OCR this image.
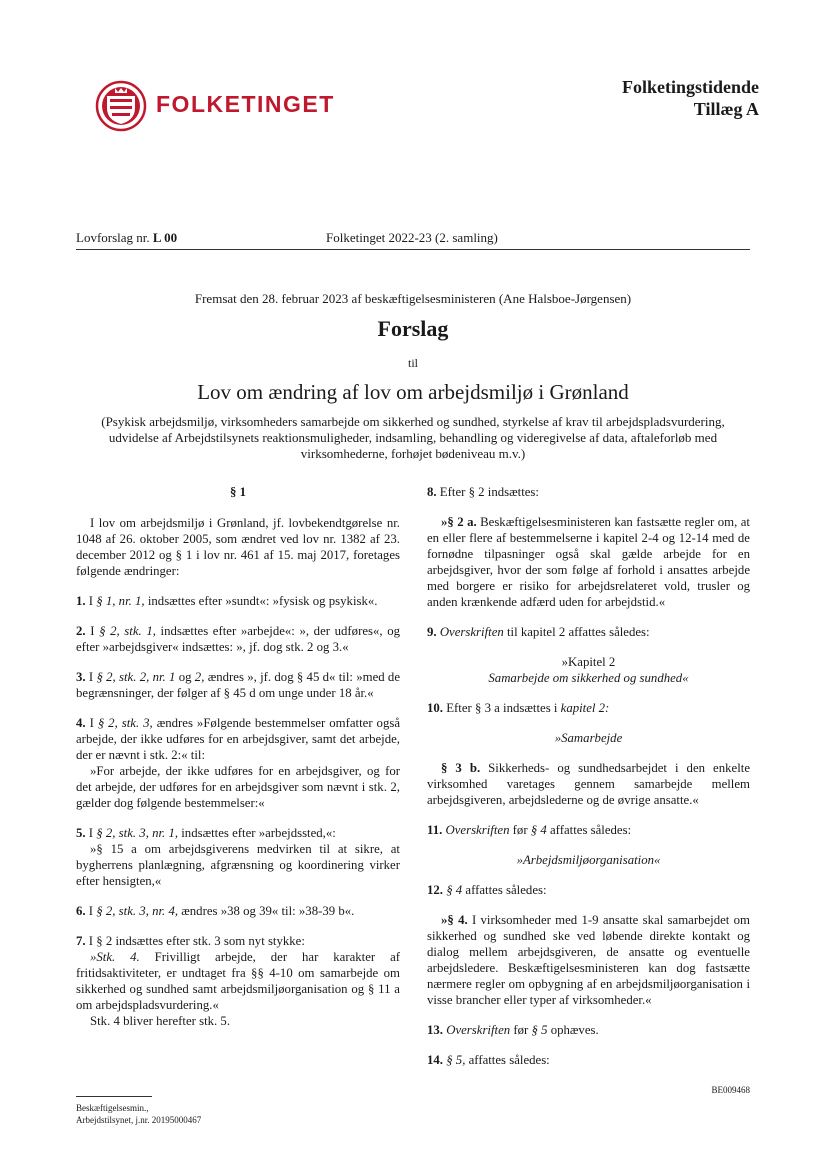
FOLKETINGET
Folketingstidende
Tillæg A
Lovforslag nr. L 00	Folketinget 2022-23 (2. samling)
Fremsat den 28. februar 2023 af beskæftigelsesministeren (Ane Halsboe-Jørgensen)
Forslag
til
Lov om ændring af lov om arbejdsmiljø i Grønland
(Psykisk arbejdsmiljø, virksomheders samarbejde om sikkerhed og sundhed, styrkelse af krav til arbejdspladsvurdering, udvidelse af Arbejdstilsynets reaktionsmuligheder, indsamling, behandling og videregivelse af data, aftaleforløb med virksomhederne, forhøjet bødeniveau m.v.)

§ 1

I lov om arbejdsmiljø i Grønland, jf. lovbekendtgørelse nr. 1048 af 26. oktober 2005, som ændret ved lov nr. 1382 af 23. december 2012 og § 1 i lov nr. 461 af 15. maj 2017, foretages følgende ændringer:

1. I § 1, nr. 1, indsættes efter »sundt«: »fysisk og psykisk«.

2. I § 2, stk. 1, indsættes efter »arbejde«: », der udføres«, og efter »arbejdsgiver« indsættes: », jf. dog stk. 2 og 3.«

3. I § 2, stk. 2, nr. 1 og 2, ændres », jf. dog § 45 d« til: »med de begrænsninger, der følger af § 45 d om unge under 18 år.«

4. I § 2, stk. 3, ændres »Følgende bestemmelser omfatter også arbejde, der ikke udføres for en arbejdsgiver, samt det arbejde, der er nævnt i stk. 2:« til:

»For arbejde, der ikke udføres for en arbejdsgiver, og for det arbejde, der udføres for en arbejdsgiver som nævnt i stk. 2, gælder dog følgende bestemmelser:«

5. I § 2, stk. 3, nr. 1, indsættes efter »arbejdssted,«:

»§ 15 a om arbejdsgiverens medvirken til at sikre, at bygherrens planlægning, afgrænsning og koordinering virker efter hensigten,«

6. I § 2, stk. 3, nr. 4, ændres »38 og 39« til: »38-39 b«.

7. I § 2 indsættes efter stk. 3 som nyt stykke:

»Stk. 4. Frivilligt arbejde, der har karakter af fritidsaktiviteter, er undtaget fra §§ 4-10 om samarbejde om sikkerhed og sundhed samt arbejdsmiljøorganisation og § 11 a om arbejdspladsvurdering.«

Stk. 4 bliver herefter stk. 5.

8. Efter § 2 indsættes:

»§ 2 a. Beskæftigelsesministeren kan fastsætte regler om, at en eller flere af bestemmelserne i kapitel 2-4 og 12-14 med de fornødne tilpasninger også skal gælde arbejde for en arbejdsgiver, hvor der som følge af forhold i ansattes arbejde med borgere er risiko for arbejdsrelateret vold, trusler og anden krænkende adfærd uden for arbejdstid.«

9. Overskriften til kapitel 2 affattes således:

»Kapitel 2

Samarbejde om sikkerhed og sundhed«

10. Efter § 3 a indsættes i kapitel 2:

»Samarbejde

§ 3 b. Sikkerheds- og sundhedsarbejdet i den enkelte virksomhed varetages gennem samarbejde mellem arbejdsgiveren, arbejdslederne og de øvrige ansatte.«

11. Overskriften før § 4 affattes således:

»Arbejdsmiljøorganisation«

12. § 4 affattes således:

»§ 4. I virksomheder med 1-9 ansatte skal samarbejdet om sikkerhed og sundhed ske ved løbende direkte kontakt og dialog mellem arbejdsgiveren, de ansatte og eventuelle arbejdsledere. Beskæftigelsesministeren kan dog fastsætte nærmere regler om opbygning af en arbejdsmiljøorganisation i visse brancher eller typer af virksomheder.«

13. Overskriften før § 5 ophæves.

14. § 5, affattes således:

BE009468
Beskæftigelsesmin.,
Arbejdstilsynet, j.nr. 20195000467
